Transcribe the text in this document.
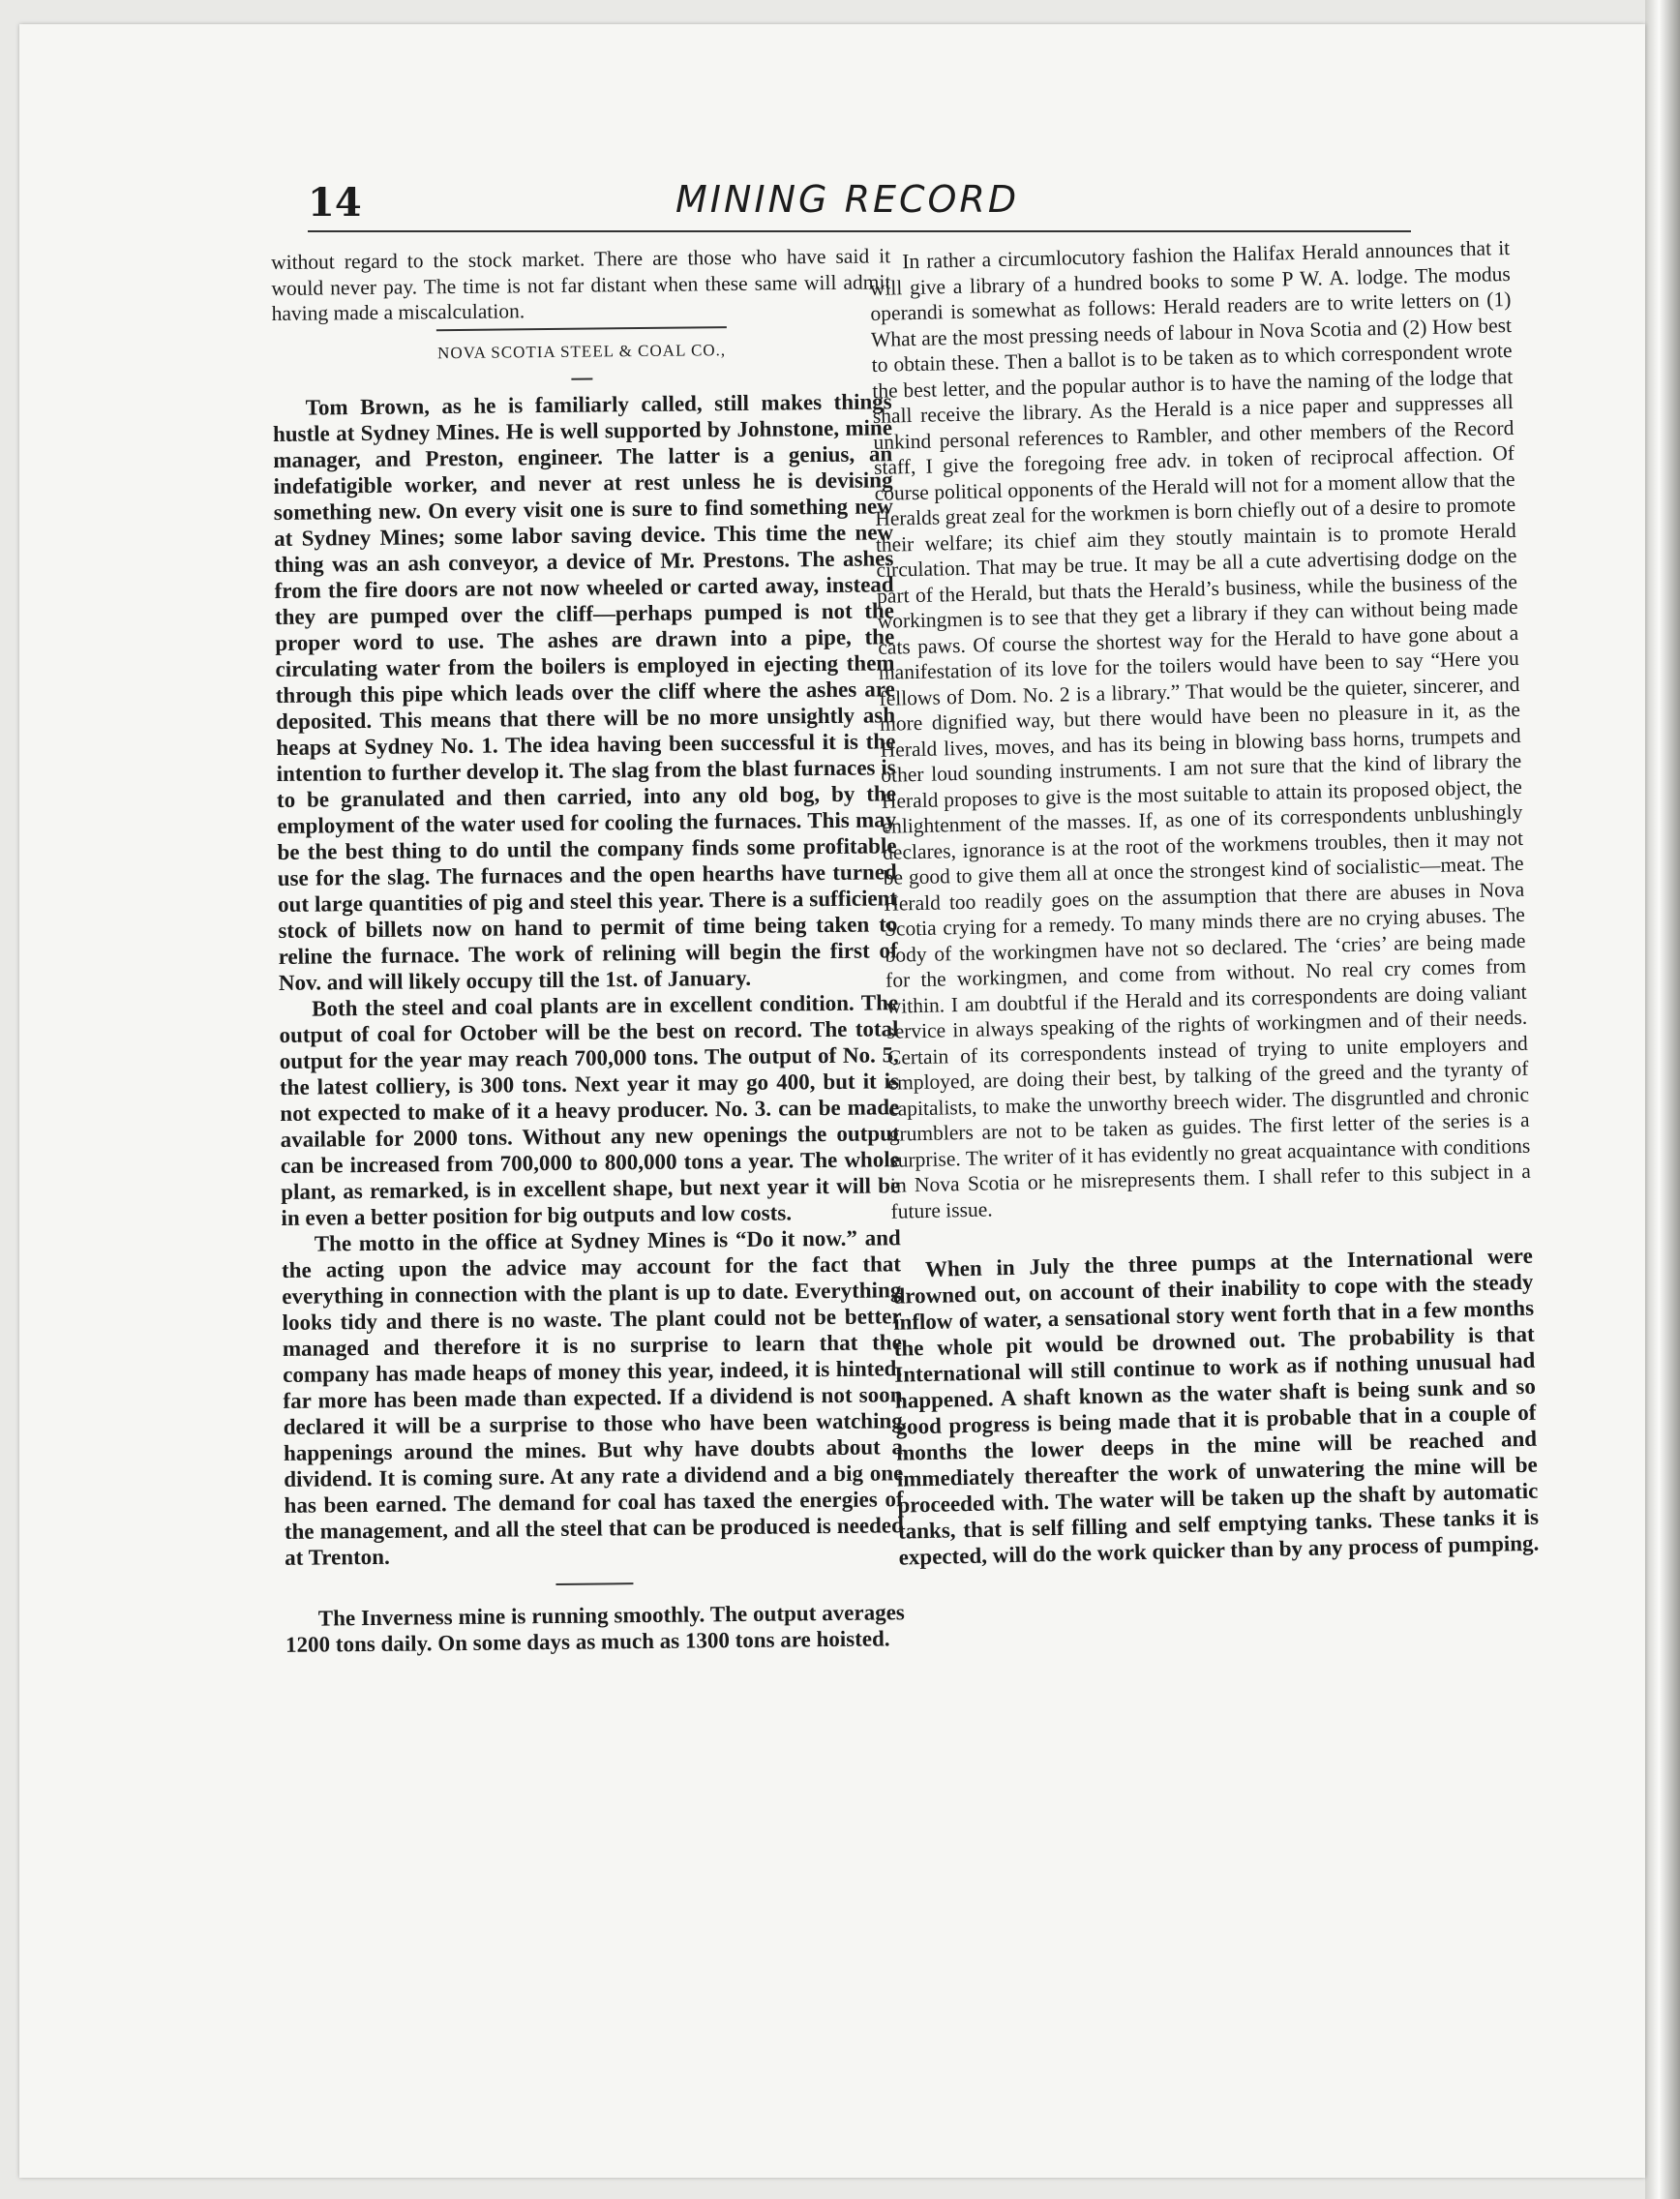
14	MINING RECORD

without regard to the stock market. There are those who have said it would never pay. The time is not far distant when these same will admit having made a miscalculation.

NOVA SCOTIA STEEL & COAL CO.,

Tom Brown, as he is familiarly called, still makes things hustle at Sydney Mines. He is well supported by Johnstone, mine manager, and Preston, engineer. The latter is a genius, an indefatigible worker, and never at rest unless he is devising something new. On every visit one is sure to find something new at Sydney Mines; some labor saving device. This time the new thing was an ash conveyor, a device of Mr. Prestons. The ashes from the fire doors are not now wheeled or carted away, instead they are pumped over the cliff—perhaps pumped is not the proper word to use. The ashes are drawn into a pipe, the circulating water from the boilers is employed in ejecting them through this pipe which leads over the cliff where the ashes are deposited. This means that there will be no more unsightly ash heaps at Sydney No. 1. The idea having been successful it is the intention to further develop it. The slag from the blast furnaces is to be granulated and then carried, into any old bog, by the employment of the water used for cooling the furnaces. This may be the best thing to do until the company finds some profitable use for the slag. The furnaces and the open hearths have turned out large quantities of pig and steel this year. There is a sufficient stock of billets now on hand to permit of time being taken to reline the furnace. The work of relining will begin the first of Nov. and will likely occupy till the 1st. of January.

Both the steel and coal plants are in excellent condition. The output of coal for October will be the best on record. The total output for the year may reach 700,000 tons. The output of No. 5, the latest colliery, is 300 tons. Next year it may go 400, but it is not expected to make of it a heavy producer. No. 3. can be made available for 2000 tons. Without any new openings the output can be increased from 700,000 to 800,000 tons a year. The whole plant, as remarked, is in excellent shape, but next year it will be in even a better position for big outputs and low costs.

The motto in the office at Sydney Mines is “Do it now.” and the acting upon the advice may account for the fact that everything in connection with the plant is up to date. Everything looks tidy and there is no waste. The plant could not be better managed and therefore it is no surprise to learn that the company has made heaps of money this year, indeed, it is hinted, far more has been made than expected. If a dividend is not soon declared it will be a surprise to those who have been watching happenings around the mines. But why have doubts about a dividend. It is coming sure. At any rate a dividend and a big one has been earned. The demand for coal has taxed the energies of the management, and all the steel that can be produced is needed at Trenton.

The Inverness mine is running smoothly. The output averages 1200 tons daily. On some days as much as 1300 tons are hoisted.

In rather a circumlocutory fashion the Halifax Herald announces that it will give a library of a hundred books to some P W. A. lodge. The modus operandi is somewhat as follows: Herald readers are to write letters on (1) What are the most pressing needs of labour in Nova Scotia and (2) How best to obtain these. Then a ballot is to be taken as to which correspondent wrote the best letter, and the popular author is to have the naming of the lodge that shall receive the library. As the Herald is a nice paper and suppresses all unkind personal references to Rambler, and other members of the Record staff, I give the foregoing free adv. in token of reciprocal affection. Of course political opponents of the Herald will not for a moment allow that the Heralds great zeal for the workmen is born chiefly out of a desire to promote their welfare; its chief aim they stoutly maintain is to promote Herald circulation. That may be true. It may be all a cute advertising dodge on the part of the Herald, but thats the Herald’s business, while the business of the workingmen is to see that they get a library if they can without being made cats paws. Of course the shortest way for the Herald to have gone about a manifestation of its love for the toilers would have been to say “Here you fellows of Dom. No. 2 is a library.” That would be the quieter, sincerer, and more dignified way, but there would have been no pleasure in it, as the Herald lives, moves, and has its being in blowing bass horns, trumpets and other loud sounding instruments. I am not sure that the kind of library the Herald proposes to give is the most suitable to attain its proposed object, the enlightenment of the masses. If, as one of its correspondents unblushingly declares, ignorance is at the root of the workmens troubles, then it may not be good to give them all at once the strongest kind of socialistic—meat. The Herald too readily goes on the assumption that there are abuses in Nova Scotia crying for a remedy. To many minds there are no crying abuses. The body of the workingmen have not so declared. The ‘cries’ are being made for the workingmen, and come from without. No real cry comes from within. I am doubtful if the Herald and its correspondents are doing valiant service in always speaking of the rights of workingmen and of their needs. Certain of its correspondents instead of trying to unite employers and employed, are doing their best, by talking of the greed and the tyranty of capitalists, to make the unworthy breech wider. The disgruntled and chronic grumblers are not to be taken as guides. The first letter of the series is a surprise. The writer of it has evidently no great acquaintance with conditions in Nova Scotia or he misrepresents them. I shall refer to this subject in a future issue.

When in July the three pumps at the International were drowned out, on account of their inability to cope with the steady inflow of water, a sensational story went forth that in a few months the whole pit would be drowned out. The probability is that International will still continue to work as if nothing unusual had happened. A shaft known as the water shaft is being sunk and so good progress is being made that it is probable that in a couple of months the lower deeps in the mine will be reached and immediately thereafter the work of unwatering the mine will be proceeded with. The water will be taken up the shaft by automatic tanks, that is self filling and self emptying tanks. These tanks it is expected, will do the work quicker than by any process of pumping.
